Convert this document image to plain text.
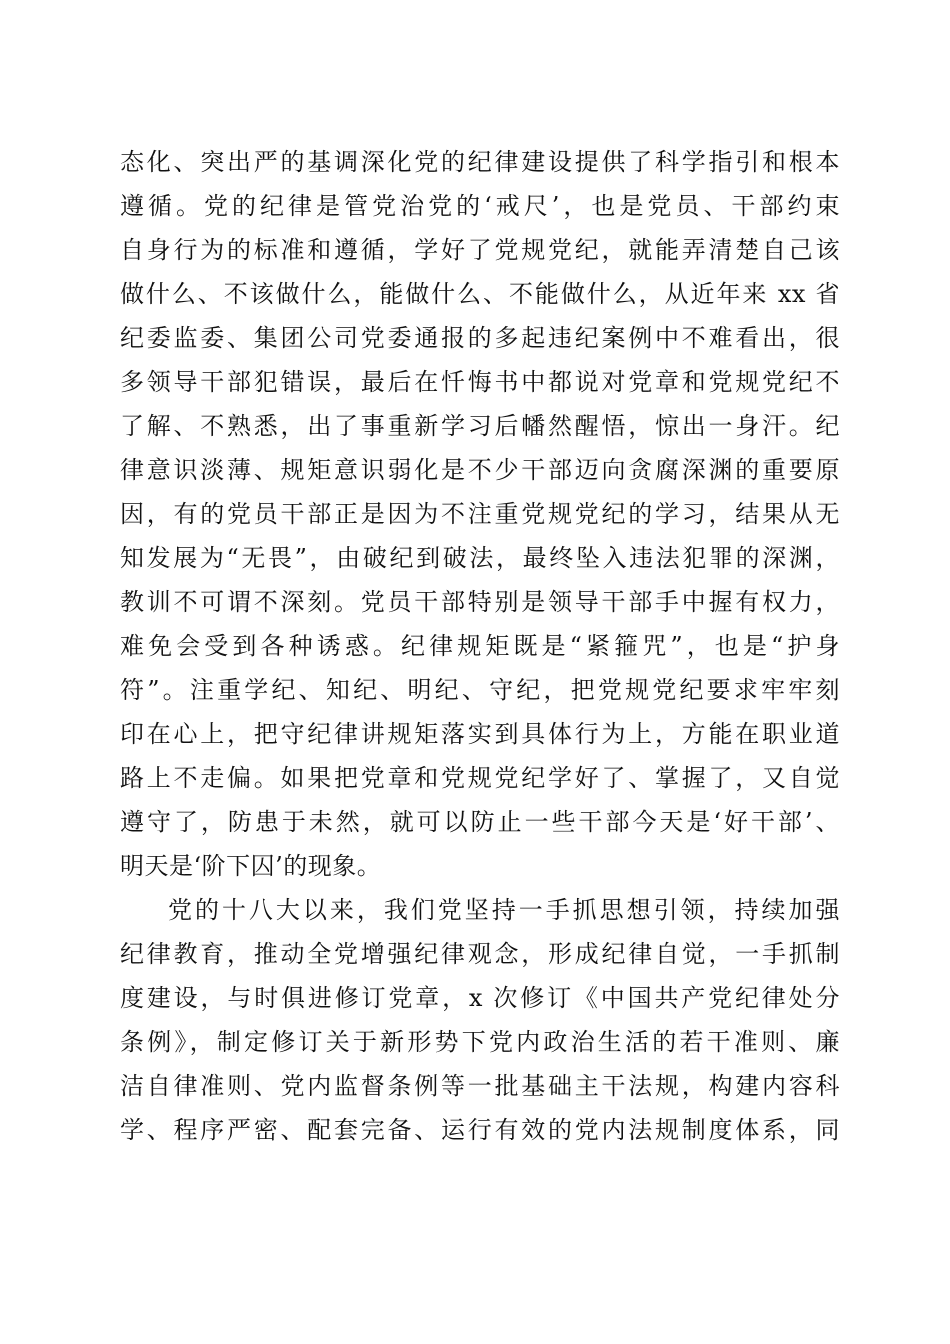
态化、突出严的基调深化党的纪律建设提供了科学指引和根本
遵循。党的纪律是管党治党的‘戒尺’，也是党员、干部约束
自身行为的标准和遵循，学好了党规党纪，就能弄清楚自己该
做什么、不该做什么，能做什么、不能做什么，从近年来 xx 省
纪委监委、集团公司党委通报的多起违纪案例中不难看出，很
多领导干部犯错误，最后在忏悔书中都说对党章和党规党纪不
了解、不熟悉，出了事重新学习后幡然醒悟，惊出一身汗。纪
律意识淡薄、规矩意识弱化是不少干部迈向贪腐深渊的重要原
因，有的党员干部正是因为不注重党规党纪的学习，结果从无
知发展为“无畏”，由破纪到破法，最终坠入违法犯罪的深渊，
教训不可谓不深刻。党员干部特别是领导干部手中握有权力，
难免会受到各种诱惑。纪律规矩既是“紧箍咒”，也是“护身
符”。注重学纪、知纪、明纪、守纪，把党规党纪要求牢牢刻
印在心上，把守纪律讲规矩落实到具体行为上，方能在职业道
路上不走偏。如果把党章和党规党纪学好了、掌握了，又自觉
遵守了，防患于未然，就可以防止一些干部今天是‘好干部’、
明天是‘阶下囚’的现象。
党的十八大以来，我们党坚持一手抓思想引领，持续加强
纪律教育，推动全党增强纪律观念，形成纪律自觉，一手抓制
度建设，与时俱进修订党章，x 次修订《中国共产党纪律处分
条例》，制定修订关于新形势下党内政治生活的若干准则、廉
洁自律准则、党内监督条例等一批基础主干法规，构建内容科
学、程序严密、配套完备、运行有效的党内法规制度体系，同
